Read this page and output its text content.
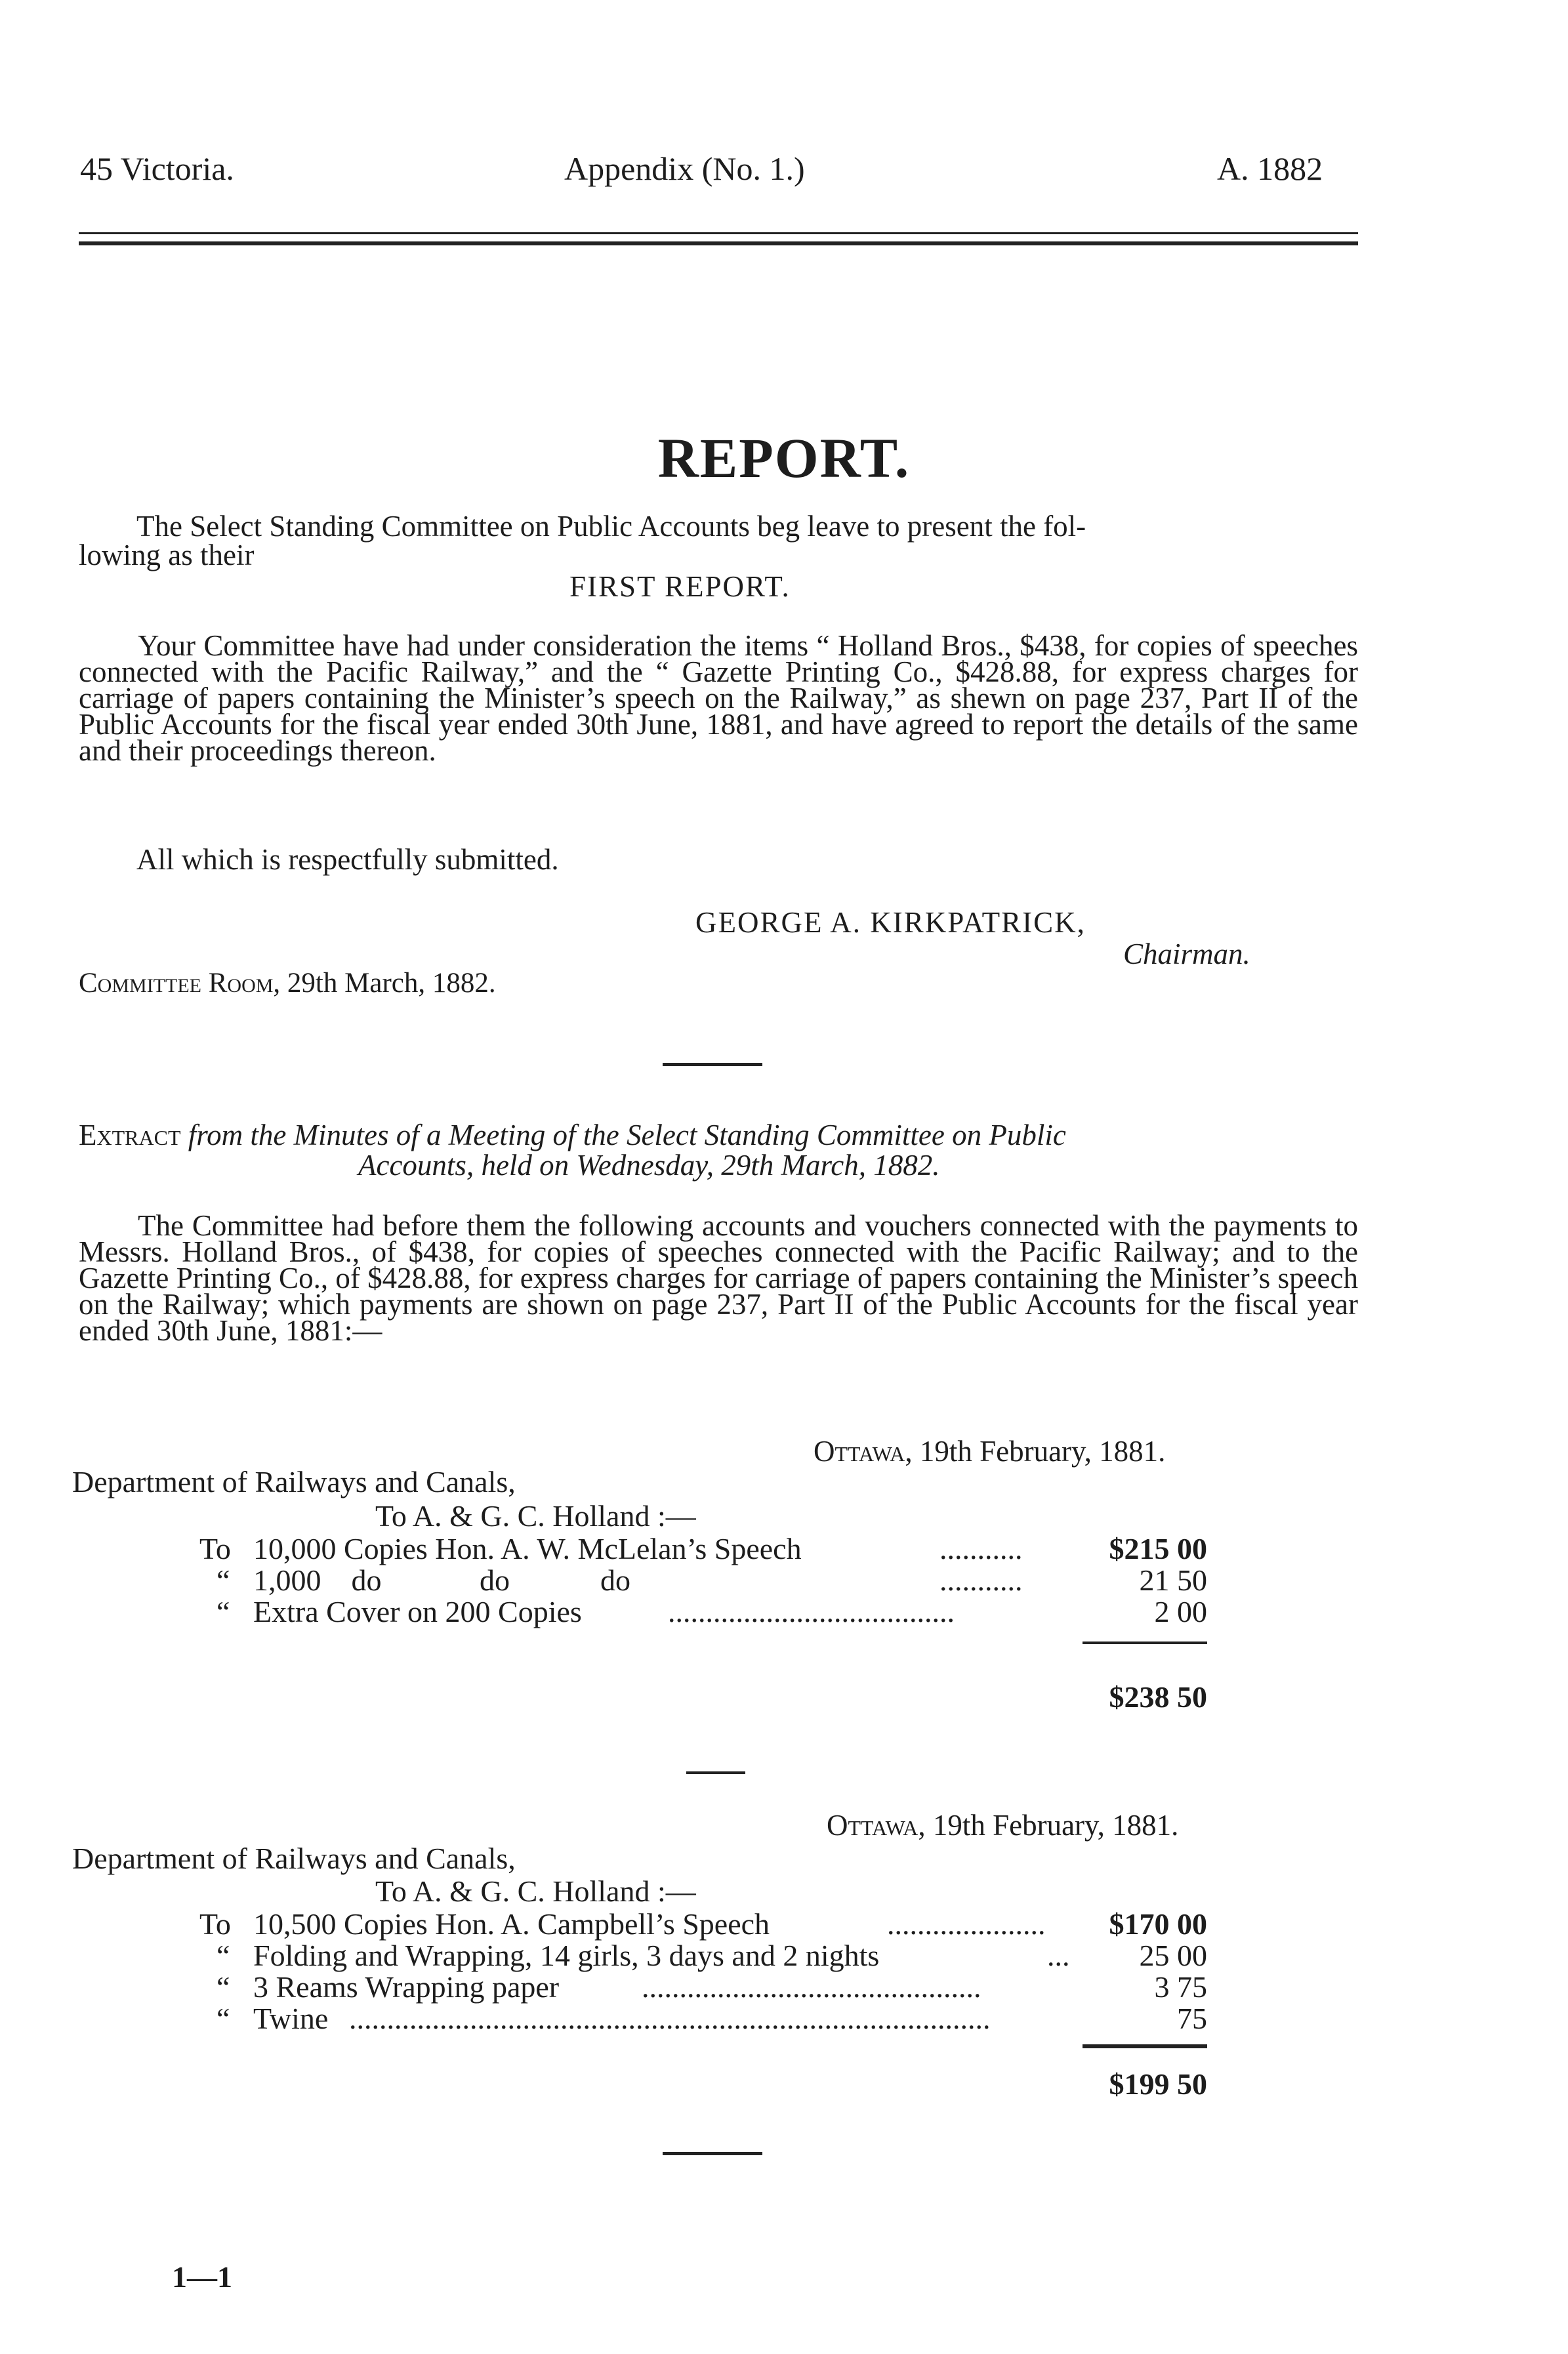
45 Victoria.	Appendix (No. 1.)	A. 1882
REPORT.
The Select Standing Committee on Public Accounts beg leave to present the fol-
lowing as their
FIRST REPORT.

Your Committee have had under consideration the items “ Holland Bros., $438, for copies of speeches connected with the Pacific Railway,” and the “ Gazette Printing Co., $428.88, for express charges for carriage of papers containing the Minister’s speech on the Railway,” as shewn on page 237, Part II of the Public Accounts for the fiscal year ended 30th June, 1881, and have agreed to report the details of the same and their proceedings thereon.

All which is respectfully submitted.
GEORGE A. KIRKPATRICK,
Chairman.
Committee Room, 29th March, 1882.
Extract from the Minutes of a Meeting of the Select Standing Committee on Public
Accounts, held on Wednesday, 29th March, 1882.

The Committee had before them the following accounts and vouchers connected with the payments to Messrs. Holland Bros., of $438, for copies of speeches connected with the Pacific Railway; and to the Gazette Printing Co., of $428.88, for express charges for carriage of papers containing the Minister’s speech on the Railway; which payments are shown on page 237, Part II of the Public Accounts for the fiscal year ended 30th June, 1881:—

Ottawa, 19th February, 1881.
Department of Railways and Canals,
To A. & G. C. Holland :—
To 10,000 Copies Hon. A. W. McLelan’s Speech	...........	$215 00
“ 1,000    do             do            do	...........	21 50
“ Extra Cover on 200 Copies	......................................	2 00
$238 50
Ottawa, 19th February, 1881.
Department of Railways and Canals,
To A. & G. C. Holland :—
To 10,500 Copies Hon. A. Campbell’s Speech	.....................	$170 00
“ Folding and Wrapping, 14 girls, 3 days and 2 nights	...	25 00
“ 3 Reams Wrapping paper	.............................................	3 75
“ Twine .....................................................................................	75
$199 50
1—1
